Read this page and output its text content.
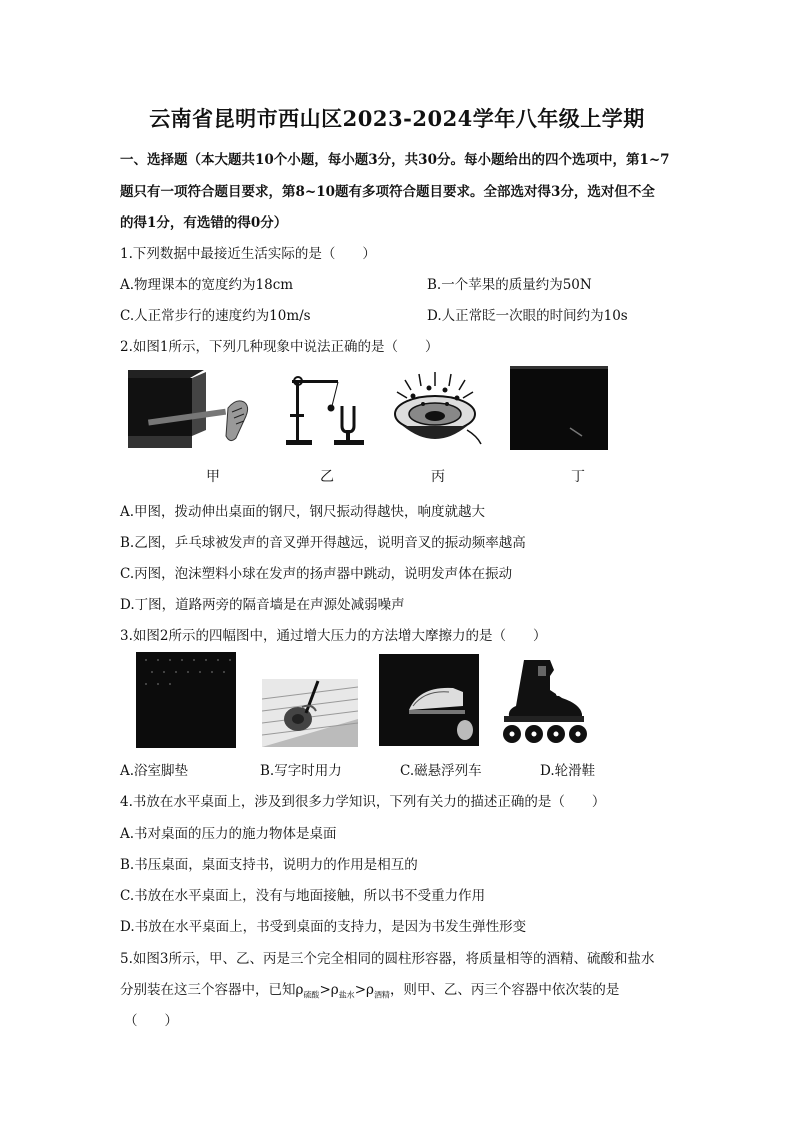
云南省昆明市西山区2023-2024学年八年级上学期
一、选择题（本大题共10个小题，每小题3分，共30分。每小题给出的四个选项中，第1~7
题只有一项符合题目要求，第8~10题有多项符合题目要求。全部选对得3分，选对但不全
的得1分，有选错的得0分）
1.下列数据中最接近生活实际的是（　　）
A.物理课本的宽度约为18cm	B.一个苹果的质量约为50N
C.人正常步行的速度约为10m/s	D.人正常眨一次眼的时间约为10s
2.如图1所示，下列几种现象中说法正确的是（　　）
甲	乙	丙	丁
A.甲图，拨动伸出桌面的钢尺，钢尺振动得越快，响度就越大
B.乙图，乒乓球被发声的音叉弹开得越远，说明音叉的振动频率越高
C.丙图，泡沫塑料小球在发声的扬声器中跳动，说明发声体在振动
D.丁图，道路两旁的隔音墙是在声源处减弱噪声
3.如图2所示的四幅图中，通过增大压力的方法增大摩擦力的是（　　）
A.浴室脚垫	B.写字时用力	C.磁悬浮列车	D.轮滑鞋
4.书放在水平桌面上，涉及到很多力学知识，下列有关力的描述正确的是（　　）
A.书对桌面的压力的施力物体是桌面
B.书压桌面，桌面支持书，说明力的作用是相互的
C.书放在水平桌面上，没有与地面接触，所以书不受重力作用
D.书放在水平桌面上，书受到桌面的支持力，是因为书发生弹性形变
5.如图3所示，甲、乙、丙是三个完全相同的圆柱形容器，将质量相等的酒精、硫酸和盐水
分别装在这三个容器中，已知$\rho_{硫酸}>\rho_{盐水}>\rho_{酒精}$，则甲、乙、丙三个容器中依次装的是
（　　）
